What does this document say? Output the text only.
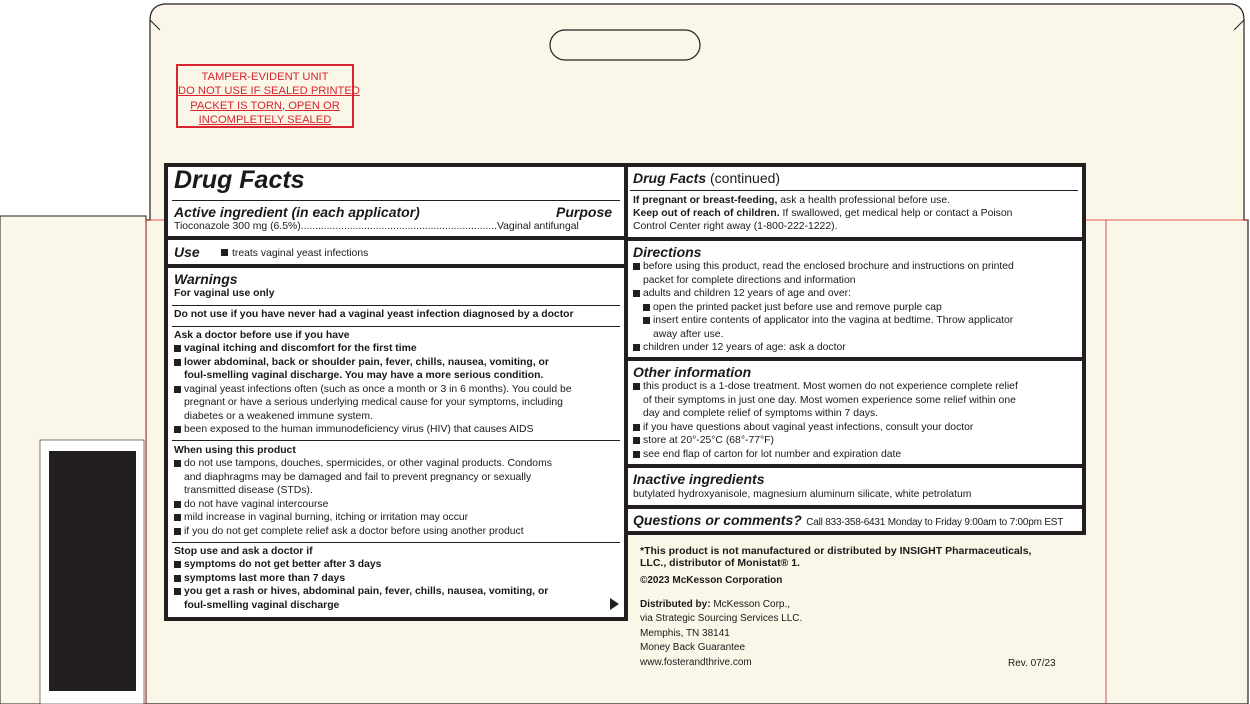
TAMPER-EVIDENT UNIT
DO NOT USE IF SEALED PRINTED
PACKET IS TORN, OPEN OR
INCOMPLETELY SEALED
Drug Facts
Active ingredient (in each applicator)	Purpose
Tioconazole 300 mg (6.5%)....................................................................Vaginal antifungal
Use	treats vaginal yeast infections
Warnings
For vaginal use only
Do not use if you have never had a vaginal yeast infection diagnosed by a doctor
Ask a doctor before use if you have
vaginal itching and discomfort for the first time
lower abdominal, back or shoulder pain, fever, chills, nausea, vomiting, or
foul-smelling vaginal discharge. You may have a more serious condition.
vaginal yeast infections often (such as once a month or 3 in 6 months). You could be
pregnant or have a serious underlying medical cause for your symptoms, including
diabetes or a weakened immune system.
been exposed to the human immunodeficiency virus (HIV) that causes AIDS
When using this product
do not use tampons, douches, spermicides, or other vaginal products. Condoms
and diaphragms may be damaged and fail to prevent pregnancy or sexually
transmitted disease (STDs).
do not have vaginal intercourse
mild increase in vaginal burning, itching or irritation may occur
if you do not get complete relief ask a doctor before using another product
Stop use and ask a doctor if
symptoms do not get better after 3 days
symptoms last more than 7 days
you get a rash or hives, abdominal pain, fever, chills, nausea, vomiting, or
foul-smelling vaginal discharge
Drug Facts (continued)
If pregnant or breast-feeding, ask a health professional before use.
Keep out of reach of children. If swallowed, get medical help or contact a Poison
Control Center right away (1-800-222-1222).
Directions
before using this product, read the enclosed brochure and instructions on printed
packet for complete directions and information
adults and children 12 years of age and over:
open the printed packet just before use and remove purple cap
insert entire contents of applicator into the vagina at bedtime. Throw applicator
away after use.
children under 12 years of age: ask a doctor
Other information
this product is a 1-dose treatment. Most women do not experience complete relief
of their symptoms in just one day. Most women experience some relief within one
day and complete relief of symptoms within 7 days.
if you have questions about vaginal yeast infections, consult your doctor
store at 20°-25°C (68°-77°F)
see end flap of carton for lot number and expiration date
Inactive ingredients
butylated hydroxyanisole, magnesium aluminum silicate, white petrolatum
Questions or comments? Call 833-358-6431 Monday to Friday 9:00am to 7:00pm EST
*This product is not manufactured or distributed by INSIGHT Pharmaceuticals,
LLC., distributor of Monistat® 1.
©2023 McKesson Corporation
Distributed by: McKesson Corp.,
via Strategic Sourcing Services LLC.
Memphis, TN 38141
Money Back Guarantee
www.fosterandthrive.com	Rev. 07/23
